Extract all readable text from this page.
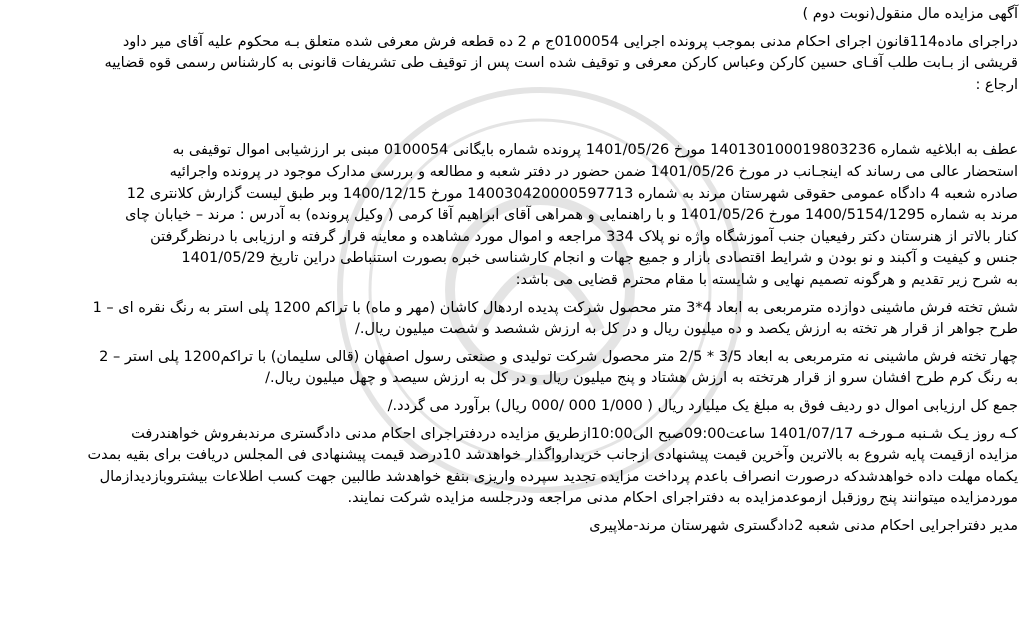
آگهی مزایده مال منقول(نوبت دوم )
دراجرای ماده114قانون اجرای احکام مدنی بموجب پرونده اجرایی 0100054ج م 2 ده قطعه فرش معرفی شده متعلق بـه محکوم علیه آقای میر داود
قریشی از بـابت طلب آقـای حسین کارکن وعباس کارکن معرفی و توقیف شده است پس از توقیف طی تشریفات قانونی به کارشناس رسمی قوه قضاییه
ارجاع :
عطف به ابلاغیه شماره 140130100019803236 مورخ 1401/05/26 پرونده شماره بایگانی 0100054 مبنی بر ارزشیابی اموال توقیفی به
استحضار عالی می رساند که اینجـانب در مورخ 1401/05/26 ضمن حضور در دفتر شعبه و مطالعه و بررسی مدارک موجود در پرونده واجرائیه
صادره شعبه 4 دادگاه عمومی حقوقی شهرستان مرند به شماره 140030420000597713 مورخ 1400/12/15 وبر طبق لیست گزارش کلانتری 12
مرند به شماره 1400/5154/1295 مورخ 1401/05/26 و با راهنمایی و همراهی آقای ابراهیم آقا کرمی ( وکیل پرونده) به آدرس : مرند – خیابان چای
کنار بالاتر از هنرستان دکتر رفیعیان جنب آموزشگاه واژه نو پلاک 334 مراجعه و اموال مورد مشاهده و معاینه قرار گرفته و ارزیابی با درنظرگرفتن
جنس و کیفیت و آکبند و نو بودن و شرایط اقتصادی بازار و جمیع جهات و انجام کارشناسی خبره بصورت استنباطی دراین تاریخ 1401/05/29
به شرح زیر تقدیم و هرگونه تصمیم نهایی و شایسته با مقام محترم قضایی می باشد:
شش تخته فرش ماشینی دوازده مترمربعی به ابعاد 4*3 متر محصول شرکت پدیده اردهال کاشان (مهر و ماه) با تراکم 1200 پلی استر به رنگ نقره ای – 1
طرح جواهر از قرار هر تخته به ارزش یکصد و ده میلیون ریال و در کل به ارزش ششصد و شصت میلیون ریال./
چهار تخته فرش ماشینی نه مترمربعی به ابعاد 3/5 * 2/5 متر محصول شرکت تولیدی و صنعتی رسول اصفهان (قالی سلیمان) با تراکم1200 پلی استر – 2
به رنگ کرم طرح افشان سرو از قرار هرتخته به ارزش هشتاد و پنج میلیون ریال و در کل به ارزش سیصد و چهل میلیون ریال./
جمع کل ارزیابی اموال دو ردیف فوق به مبلغ یک میلیارد ریال ( 1/000 000 /000 ریال) برآورد می گردد./
کـه روز یـک شـنبه مـورخـه 1401/07/17 ساعت09:00صبح الی10:00ازطریق مزایده دردفتراجرای احکام مدنی دادگستری مرندبفروش خواهندرفت
مزایده ازقیمت پایه شروع به بالاترین وآخرین قیمت پیشنهادی ازجانب خریدارواگذار خواهدشد 10درصد قیمت پیشنهادی فی المجلس دریافت برای بقیه بمدت
یکماه مهلت داده خواهدشدکه درصورت انصراف باعدم پرداخت مزایده تجدید سپرده واریزی بنفع خواهدشد طالبین جهت کسب اطلاعات بیشتروبازدیدازمال
موردمزایده میتوانند پنج روزقبل ازموعدمزایده به دفتراجرای احکام مدنی مراجعه ودرجلسه مزایده شرکت نمایند.
مدیر دفتراجرایی احکام مدنی شعبه 2دادگستری شهرستان مرند-ملاپیری
